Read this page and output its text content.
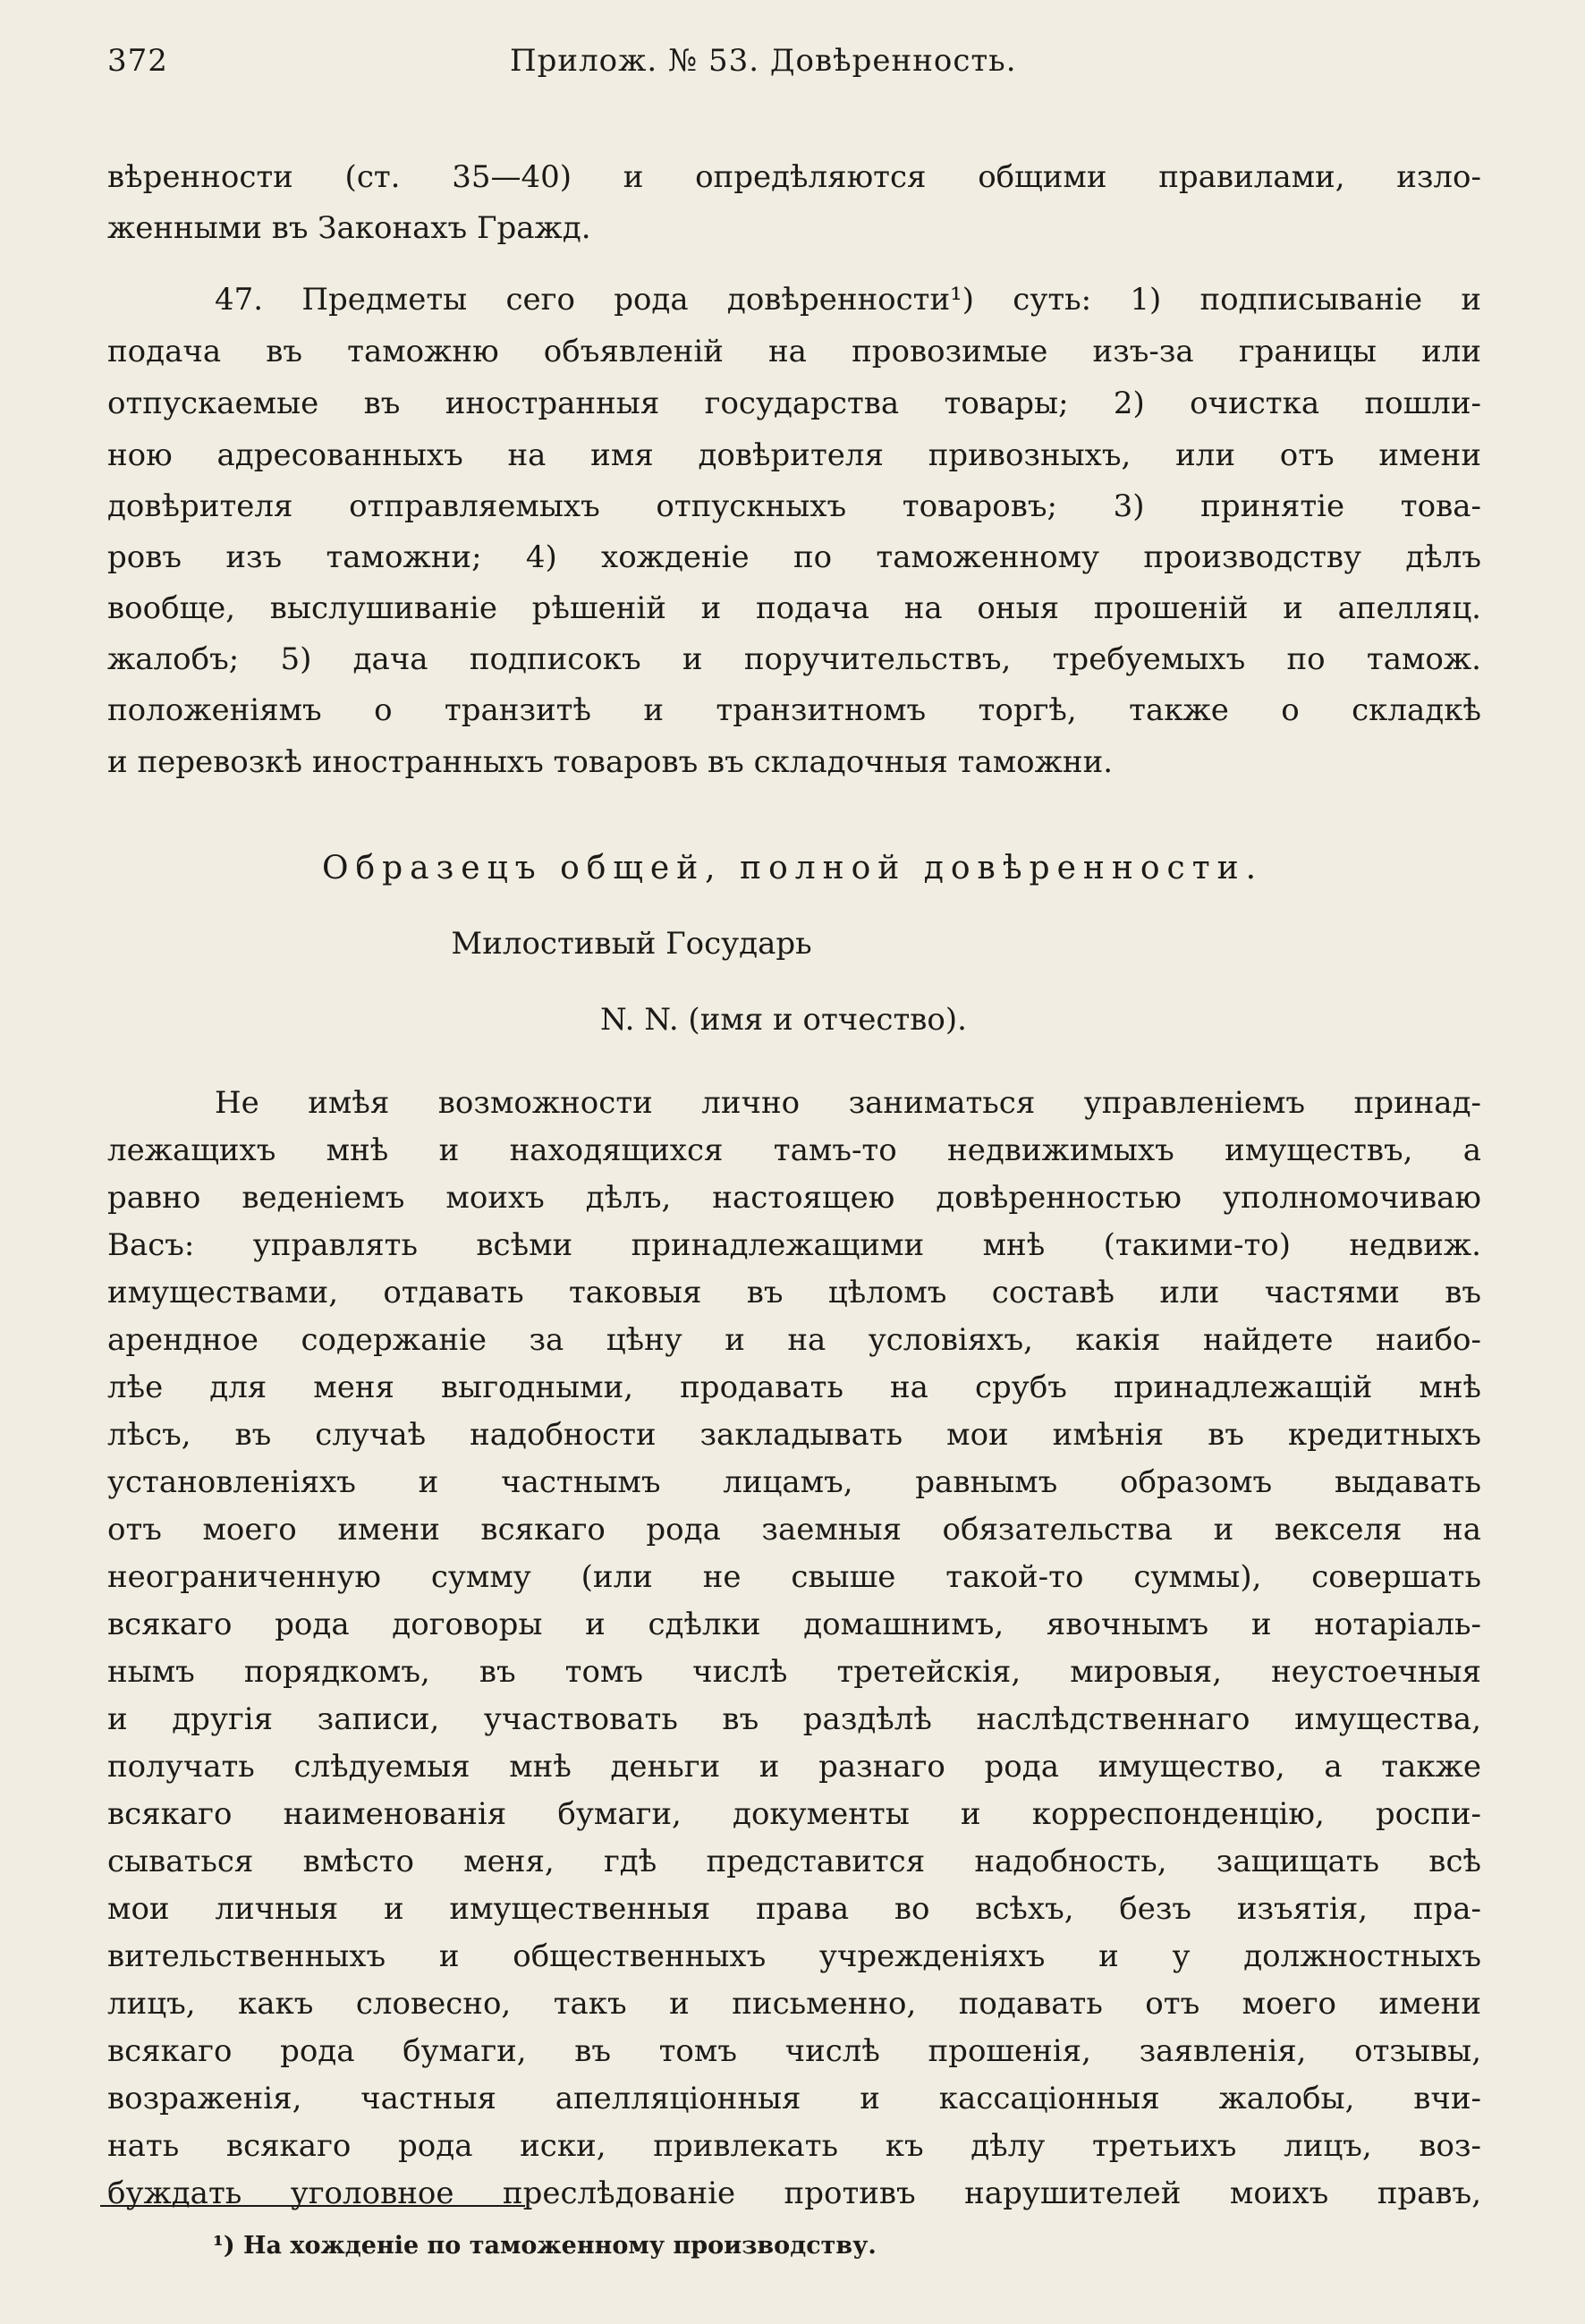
372	Прилож. № 53. Довѣренность.

вѣренности (ст. 35—40) и опредѣляются общими правилами, изло-

женными въ Законахъ Гражд.

47. Предметы сего рода довѣренности¹) суть: 1) подписываніе и

подача въ таможню объявленій на провозимые изъ-за границы или

отпускаемые въ иностранныя государства товары; 2) очистка пошли-

ною адресованныхъ на имя довѣрителя привозныхъ, или отъ имени

довѣрителя отправляемыхъ отпускныхъ товаровъ; 3) принятіе това-

ровъ изъ таможни; 4) хожденіе по таможенному производству дѣлъ

вообще, выслушиваніе рѣшеній и подача на оныя прошеній и апелляц.

жалобъ; 5) дача подписокъ и поручительствъ, требуемыхъ по тамож.

положеніямъ о транзитѣ и транзитномъ торгѣ, также о складкѣ

и перевозкѣ иностранныхъ товаровъ въ складочныя таможни.

Образецъ общей, полной довѣренности.
Милостивый Государь
N. N. (имя и отчество).

Не имѣя возможности лично заниматься управленіемъ принад-

лежащихъ мнѣ и находящихся тамъ-то недвижимыхъ имуществъ, а

равно веденіемъ моихъ дѣлъ, настоящею довѣренностью уполномочиваю

Васъ: управлять всѣми принадлежащими мнѣ (такими-то) недвиж.

имуществами, отдавать таковыя въ цѣломъ составѣ или частями въ

арендное содержаніе за цѣну и на условіяхъ, какія найдете наибо-

лѣе для меня выгодными, продавать на срубъ принадлежащій мнѣ

лѣсъ, въ случаѣ надобности закладывать мои имѣнія въ кредитныхъ

установленіяхъ и частнымъ лицамъ, равнымъ образомъ выдавать

отъ моего имени всякаго рода заемныя обязательства и векселя на

неограниченную сумму (или не свыше такой-то суммы), совершать

всякаго рода договоры и сдѣлки домашнимъ, явочнымъ и нотаріаль-

нымъ порядкомъ, въ томъ числѣ третейскія, мировыя, неустоечныя

и другія записи, участвовать въ раздѣлѣ наслѣдственнаго имущества,

получать слѣдуемыя мнѣ деньги и разнаго рода имущество, а также

всякаго наименованія бумаги, документы и корреспонденцію, роспи-

сываться вмѣсто меня, гдѣ представится надобность, защищать всѣ

мои личныя и имущественныя права во всѣхъ, безъ изъятія, пра-

вительственныхъ и общественныхъ учрежденіяхъ и у должностныхъ

лицъ, какъ словесно, такъ и письменно, подавать отъ моего имени

всякаго рода бумаги, въ томъ числѣ прошенія, заявленія, отзывы,

возраженія, частныя апелляціонныя и кассаціонныя жалобы, вчи-

нать всякаго рода иски, привлекать къ дѣлу третьихъ лицъ, воз-

буждать уголовное преслѣдованіе противъ нарушителей моихъ правъ,

¹) На хожденіе по таможенному производству.
